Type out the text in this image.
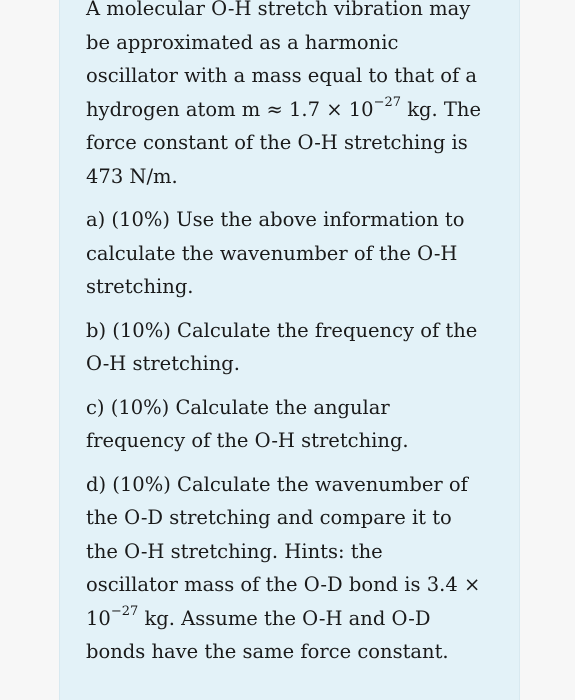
A molecular O-H stretch vibration may
be approximated as a harmonic
oscillator with a mass equal to that of a
hydrogen atom $m \approx 1.7 \times 10^{-27}$ kg. The
force constant of the O-H stretching is
473 N/m.
a) (10%) Use the above information to
calculate the wavenumber of the O-H
stretching.
b) (10%) Calculate the frequency of the
O-H stretching.
c) (10%) Calculate the angular
frequency of the O-H stretching.
d) (10%) Calculate the wavenumber of
the O-D stretching and compare it to
the O-H stretching. Hints: the
oscillator mass of the O-D bond is 3.4 ×
$10^{-27}$ kg. Assume the O-H and O-D
bonds have the same force constant.
